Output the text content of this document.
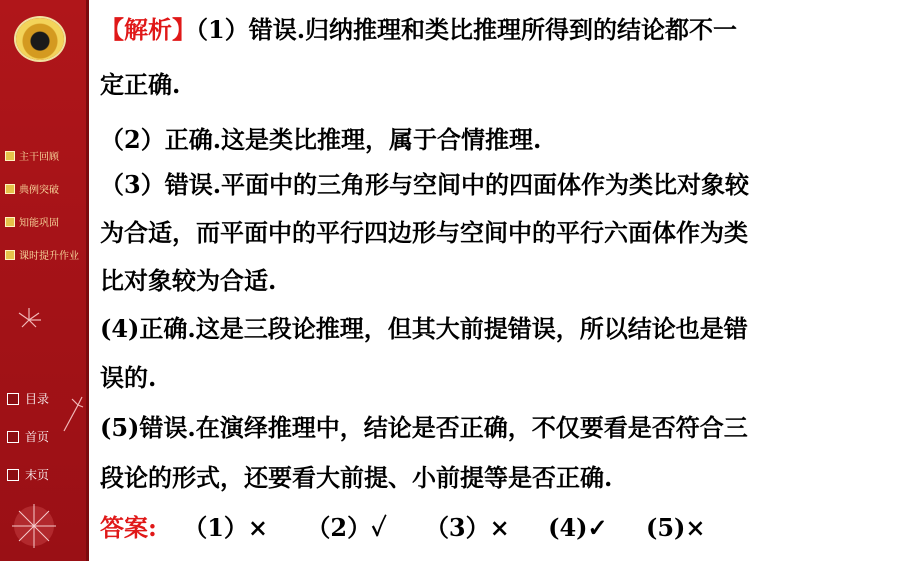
主干回顾
典例突破
知能巩固
课时提升作业
目录
首页
末页
【解析】（1）错误.归纳推理和类比推理所得到的结论都不一
定正确.
（2）正确.这是类比推理，属于合情推理.
（3）错误.平面中的三角形与空间中的四面体作为类比对象较
为合适，而平面中的平行四边形与空间中的平行六面体作为类
比对象较为合适.
(4)正确.这是三段论推理，但其大前提错误，所以结论也是错
误的.
(5)错误.在演绎推理中，结论是否正确，不仅要看是否符合三
段论的形式，还要看大前提、小前提等是否正确.
答案: （1）× （2）✓ （3）× (4)✓ (5)×
